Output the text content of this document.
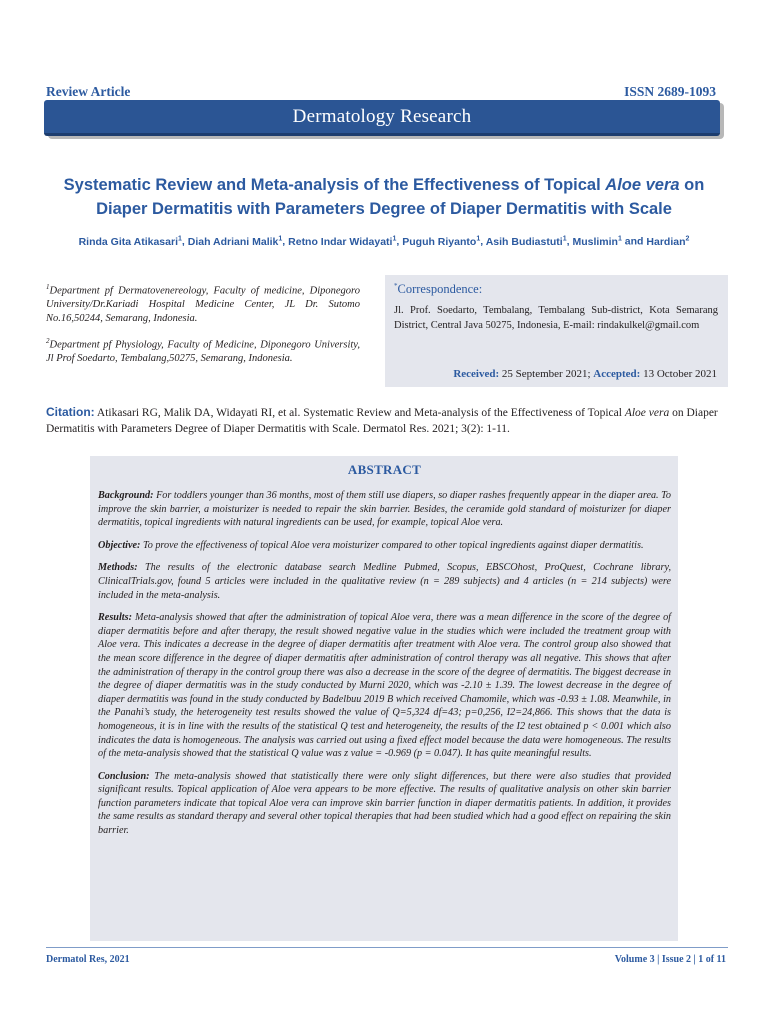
Review Article	ISSN 2689-1093
Dermatology Research
Systematic Review and Meta-analysis of the Effectiveness of Topical Aloe vera on Diaper Dermatitis with Parameters Degree of Diaper Dermatitis with Scale
Rinda Gita Atikasari$^1$, Diah Adriani Malik$^1$, Retno Indar Widayati$^1$, Puguh Riyanto$^1$, Asih Budiastuti$^1$, Muslimin$^1$ and Hardian$^2$
$^1$Department pf Dermatovenereology, Faculty of medicine, Diponegoro University/Dr.Kariadi Hospital Medicine Center, JL Dr. Sutomo No.16,50244, Semarang, Indonesia.
$^2$Department pf Physiology, Faculty of Medicine, Diponegoro University, Jl Prof Soedarto, Tembalang,50275, Semarang, Indonesia.
*Correspondence:
Jl. Prof. Soedarto, Tembalang, Tembalang Sub-district, Kota Semarang District, Central Java 50275, Indonesia, E-mail: rindakulkel@gmail.com
Received: 25 September 2021; Accepted: 13 October 2021
Citation: Atikasari RG, Malik DA, Widayati RI, et al. Systematic Review and Meta-analysis of the Effectiveness of Topical Aloe vera on Diaper Dermatitis with Parameters Degree of Diaper Dermatitis with Scale. Dermatol Res. 2021; 3(2): 1-11.
ABSTRACT

Background: For toddlers younger than 36 months, most of them still use diapers, so diaper rashes frequently appear in the diaper area. To improve the skin barrier, a moisturizer is needed to repair the skin barrier. Besides, the ceramide gold standard of moisturizer for diaper dermatitis, topical ingredients with natural ingredients can be used, for example, topical Aloe vera.

Objective: To prove the effectiveness of topical Aloe vera moisturizer compared to other topical ingredients against diaper dermatitis.

Methods: The results of the electronic database search Medline Pubmed, Scopus, EBSCOhost, ProQuest, Cochrane library, ClinicalTrials.gov, found 5 articles were included in the qualitative review (n = 289 subjects) and 4 articles (n = 214 subjects) were included in the meta-analysis.

Results: Meta-analysis showed that after the administration of topical Aloe vera, there was a mean difference in the score of the degree of diaper dermatitis before and after therapy, the result showed negative value in the studies which were included the treatment group with Aloe vera. This indicates a decrease in the degree of diaper dermatitis after treatment with Aloe vera. The control group also showed that the mean score difference in the degree of diaper dermatitis after administration of control therapy was all negative. This shows that after the administration of therapy in the control group there was also a decrease in the score of the degree of dermatitis. The biggest decrease in the degree of diaper dermatitis was in the study conducted by Murni 2020, which was -2.10 ± 1.39. The lowest decrease in the degree of diaper dermatitis was found in the study conducted by Badelbuu 2019 B which received Chamomile, which was -0.93 ± 1.08. Meanwhile, in the Panahi’s study, the heterogeneity test results showed the value of Q=5,324 df=43; p=0,256, I2=24,866. This shows that the data is homogeneous, it is in line with the results of the statistical Q test and heterogeneity, the results of the I2 test obtained p < 0.001 which also indicates the data is homogeneous. The analysis was carried out using a fixed effect model because the data were homogeneous. The results of the meta-analysis showed that the statistical Q value was z value = -0.969 (p = 0.047). It has quite meaningful results.

Conclusion: The meta-analysis showed that statistically there were only slight differences, but there were also studies that provided significant results. Topical application of Aloe vera appears to be more effective. The results of qualitative analysis on other skin barrier function parameters indicate that topical Aloe vera can improve skin barrier function in diaper dermatitis patients. In addition, it provides the same results as standard therapy and several other topical therapies that had been studied which had a good effect on repairing the skin barrier.

Dermatol Res, 2021	Volume 3 | Issue 2 | 1 of 11
